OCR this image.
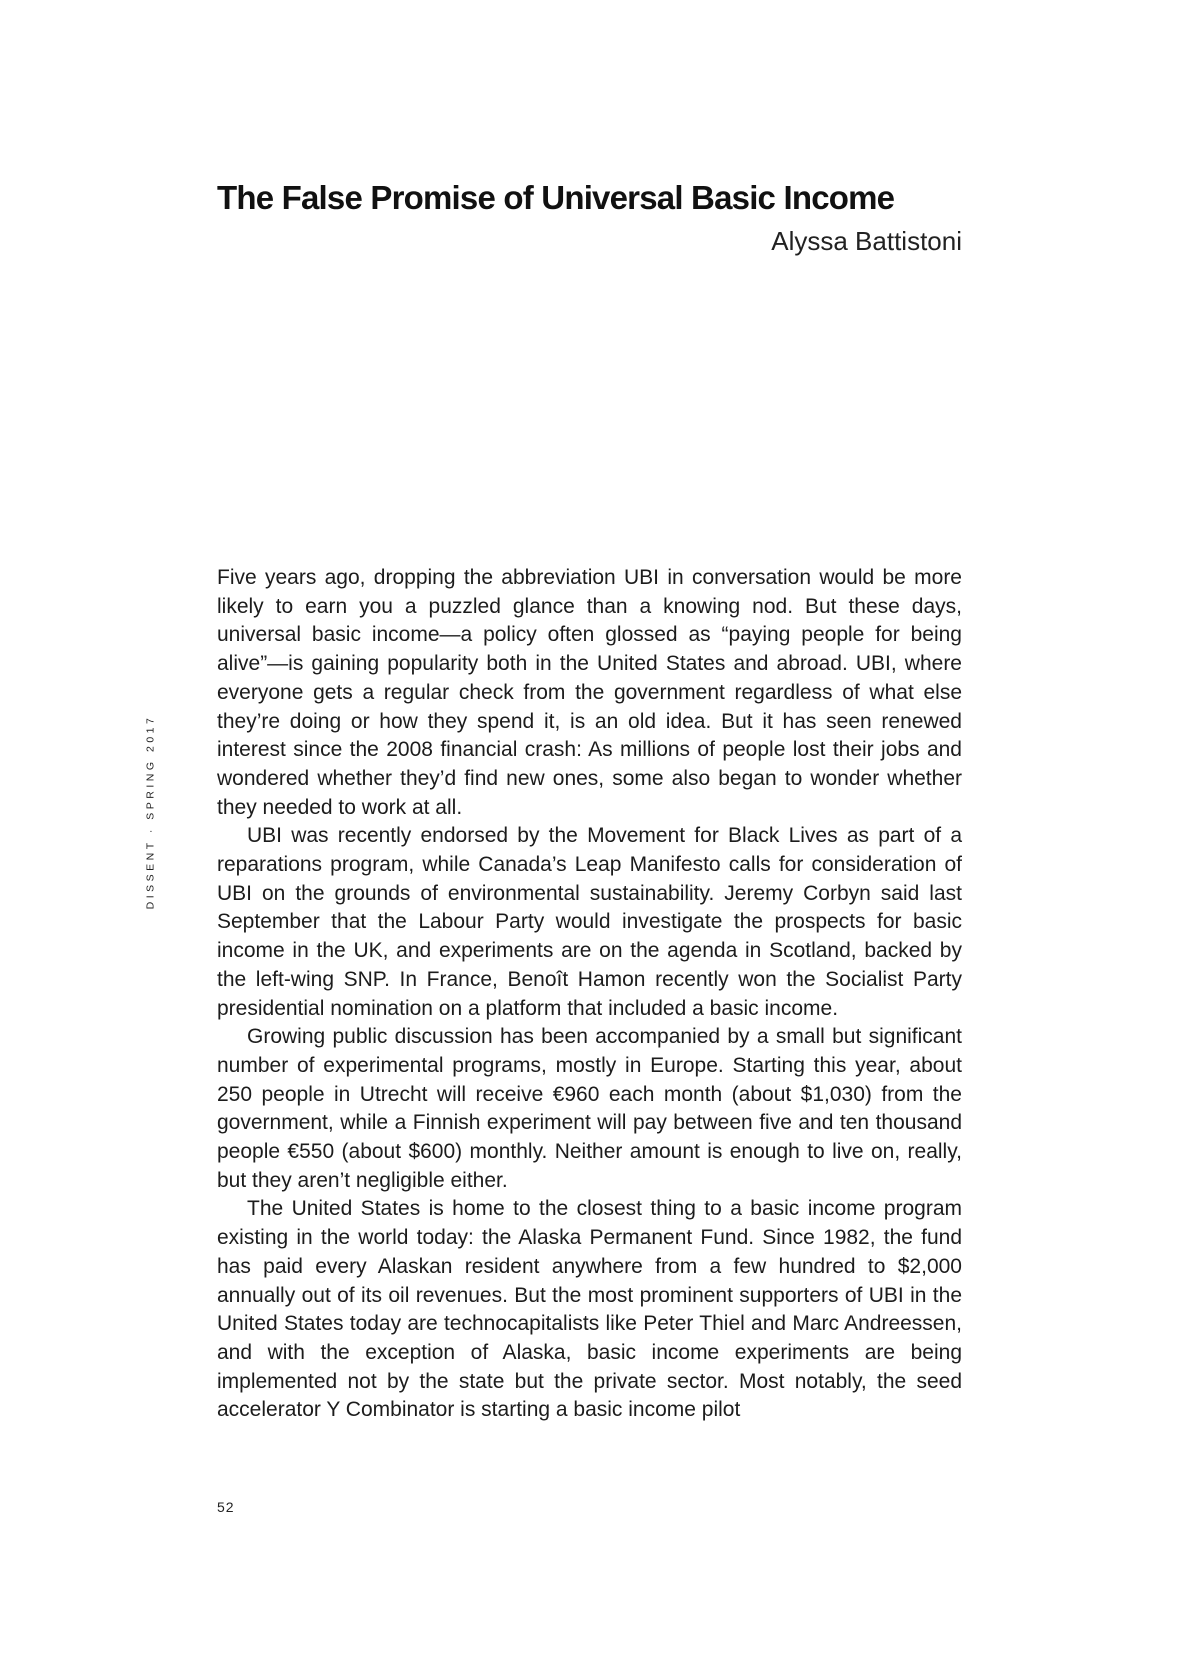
The False Promise of Universal Basic Income
Alyssa Battistoni
DISSENT · SPRING 2017

Five years ago, dropping the abbreviation UBI in conversation would be more likely to earn you a puzzled glance than a knowing nod. But these days, universal basic income—a policy often glossed as “paying people for being alive”—is gaining popularity both in the United States and abroad. UBI, where everyone gets a regular check from the government regardless of what else they’re doing or how they spend it, is an old idea. But it has seen renewed interest since the 2008 financial crash: As millions of people lost their jobs and wondered whether they’d find new ones, some also began to wonder whether they needed to work at all.

UBI was recently endorsed by the Movement for Black Lives as part of a reparations program, while Canada’s Leap Manifesto calls for consideration of UBI on the grounds of environmental sustainability. Jeremy Corbyn said last September that the Labour Party would investigate the prospects for basic income in the UK, and experiments are on the agenda in Scotland, backed by the left-wing SNP. In France, Benoît Hamon recently won the Socialist Party presidential nomination on a platform that included a basic income.

Growing public discussion has been accompanied by a small but significant number of experimental programs, mostly in Europe. Starting this year, about 250 people in Utrecht will receive €960 each month (about $1,030) from the government, while a Finnish experiment will pay between five and ten thousand people €550 (about $600) monthly. Neither amount is enough to live on, really, but they aren’t negligible either.

The United States is home to the closest thing to a basic income program existing in the world today: the Alaska Permanent Fund. Since 1982, the fund has paid every Alaskan resident anywhere from a few hundred to $2,000 annually out of its oil revenues. But the most prominent supporters of UBI in the United States today are technocapitalists like Peter Thiel and Marc Andreessen, and with the exception of Alaska, basic income experiments are being implemented not by the state but the private sector. Most notably, the seed accelerator Y Combinator is starting a basic income pilot

52
